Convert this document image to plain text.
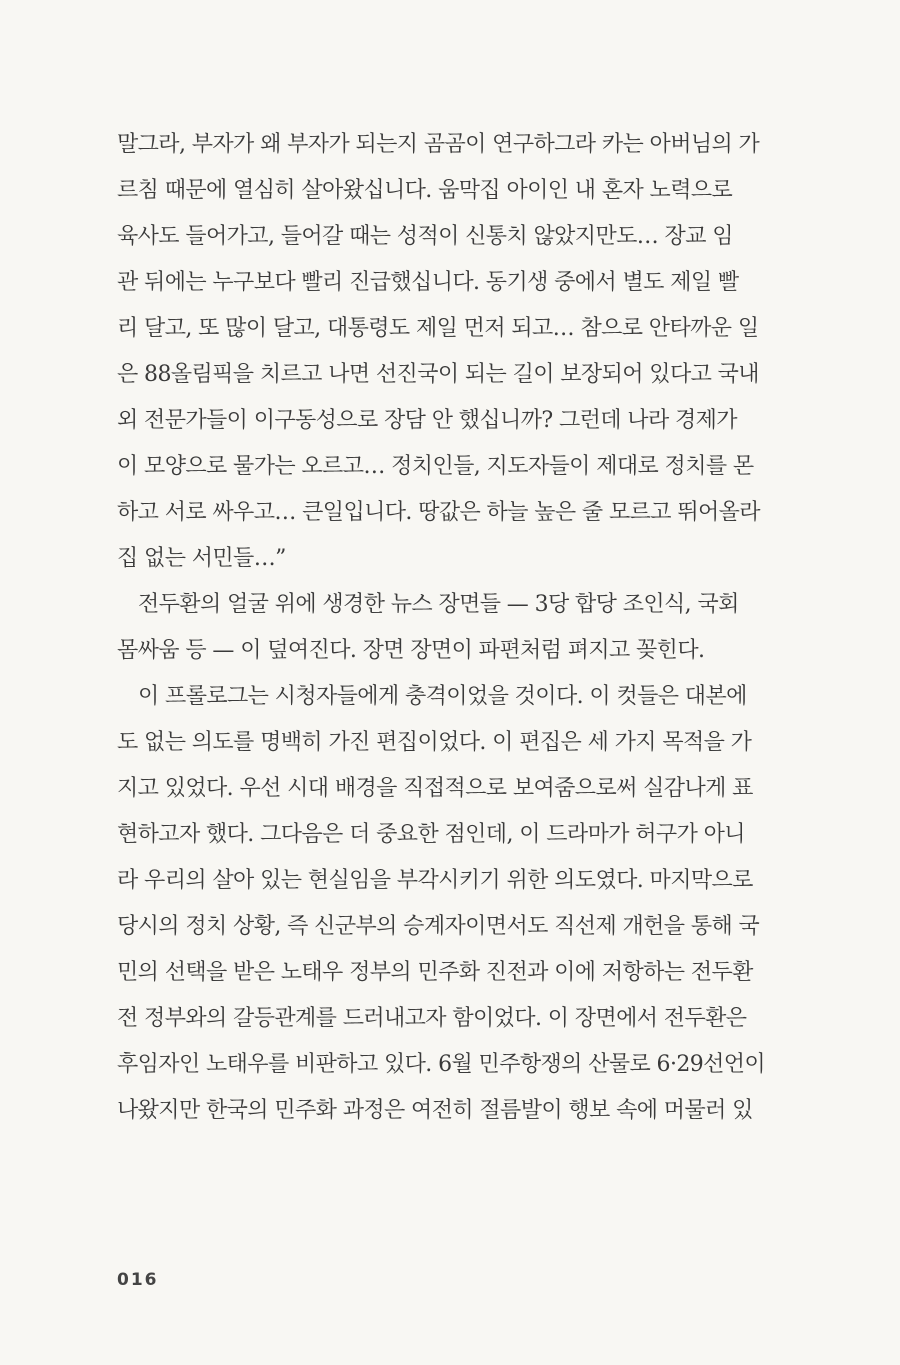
말그라, 부자가 왜 부자가 되는지 곰곰이 연구하그라 카는 아버님의 가
르침 때문에 열심히 살아왔십니다. 움막집 아이인 내 혼자 노력으로
육사도 들어가고, 들어갈 때는 성적이 신통치 않았지만도… 장교 임
관 뒤에는 누구보다 빨리 진급했십니다. 동기생 중에서 별도 제일 빨
리 달고, 또 많이 달고, 대통령도 제일 먼저 되고… 참으로 안타까운 일
은 88올림픽을 치르고 나면 선진국이 되는 길이 보장되어 있다고 국내
외 전문가들이 이구동성으로 장담 안 했십니까? 그런데 나라 경제가
이 모양으로 물가는 오르고… 정치인들, 지도자들이 제대로 정치를 몬
하고 서로 싸우고… 큰일입니다. 땅값은 하늘 높은 줄 모르고 뛰어올라
집 없는 서민들…”
전두환의 얼굴 위에 생경한 뉴스 장면들 — 3당 합당 조인식, 국회
몸싸움 등 — 이 덮여진다. 장면 장면이 파편처럼 펴지고 꽂힌다.
이 프롤로그는 시청자들에게 충격이었을 것이다. 이 컷들은 대본에
도 없는 의도를 명백히 가진 편집이었다. 이 편집은 세 가지 목적을 가
지고 있었다. 우선 시대 배경을 직접적으로 보여줌으로써 실감나게 표
현하고자 했다. 그다음은 더 중요한 점인데, 이 드라마가 허구가 아니
라 우리의 살아 있는 현실임을 부각시키기 위한 의도였다. 마지막으로
당시의 정치 상황, 즉 신군부의 승계자이면서도 직선제 개헌을 통해 국
민의 선택을 받은 노태우 정부의 민주화 진전과 이에 저항하는 전두환
전 정부와의 갈등관계를 드러내고자 함이었다. 이 장면에서 전두환은
후임자인 노태우를 비판하고 있다. 6월 민주항쟁의 산물로 6·29선언이
나왔지만 한국의 민주화 과정은 여전히 절름발이 행보 속에 머물러 있
016
